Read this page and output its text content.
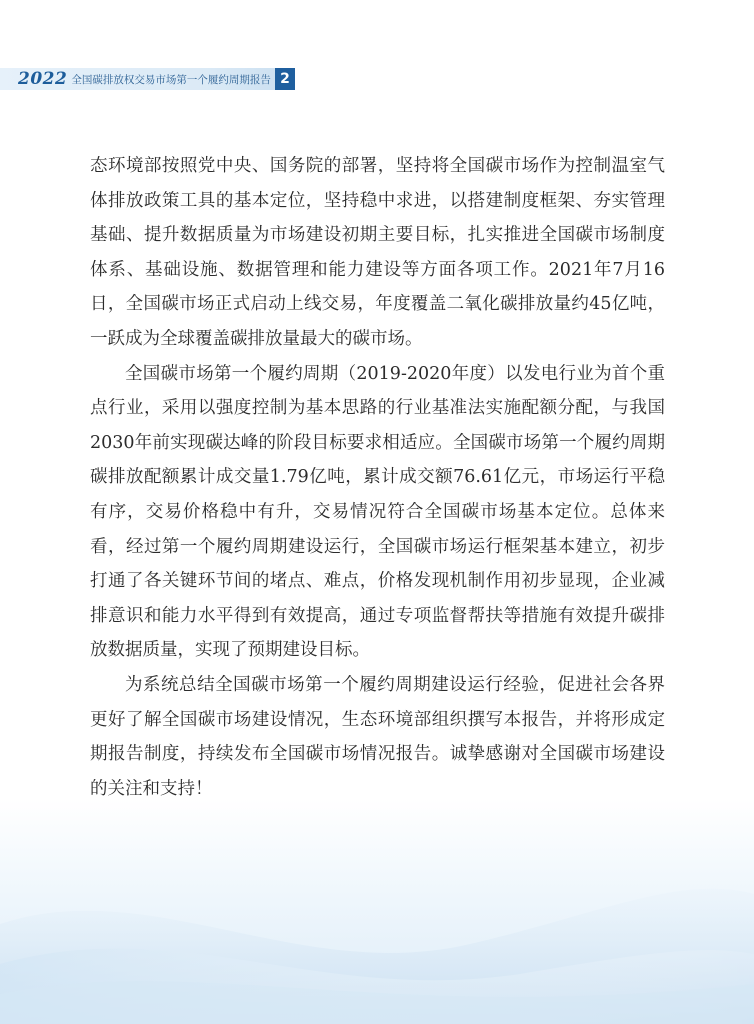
2022 全国碳排放权交易市场第一个履约周期报告 2

态环境部按照党中央、国务院的部署，坚持将全国碳市场作为控制温室气体排放政策工具的基本定位，坚持稳中求进，以搭建制度框架、夯实管理基础、提升数据质量为市场建设初期主要目标，扎实推进全国碳市场制度体系、基础设施、数据管理和能力建设等方面各项工作。2021年7月16日，全国碳市场正式启动上线交易，年度覆盖二氧化碳排放量约45亿吨，一跃成为全球覆盖碳排放量最大的碳市场。

全国碳市场第一个履约周期（2019-2020年度）以发电行业为首个重点行业，采用以强度控制为基本思路的行业基准法实施配额分配，与我国2030年前实现碳达峰的阶段目标要求相适应。全国碳市场第一个履约周期碳排放配额累计成交量1.79亿吨，累计成交额76.61亿元，市场运行平稳有序，交易价格稳中有升，交易情况符合全国碳市场基本定位。总体来看，经过第一个履约周期建设运行，全国碳市场运行框架基本建立，初步打通了各关键环节间的堵点、难点，价格发现机制作用初步显现，企业减排意识和能力水平得到有效提高，通过专项监督帮扶等措施有效提升碳排放数据质量，实现了预期建设目标。

为系统总结全国碳市场第一个履约周期建设运行经验，促进社会各界更好了解全国碳市场建设情况，生态环境部组织撰写本报告，并将形成定期报告制度，持续发布全国碳市场情况报告。诚挚感谢对全国碳市场建设的关注和支持！
